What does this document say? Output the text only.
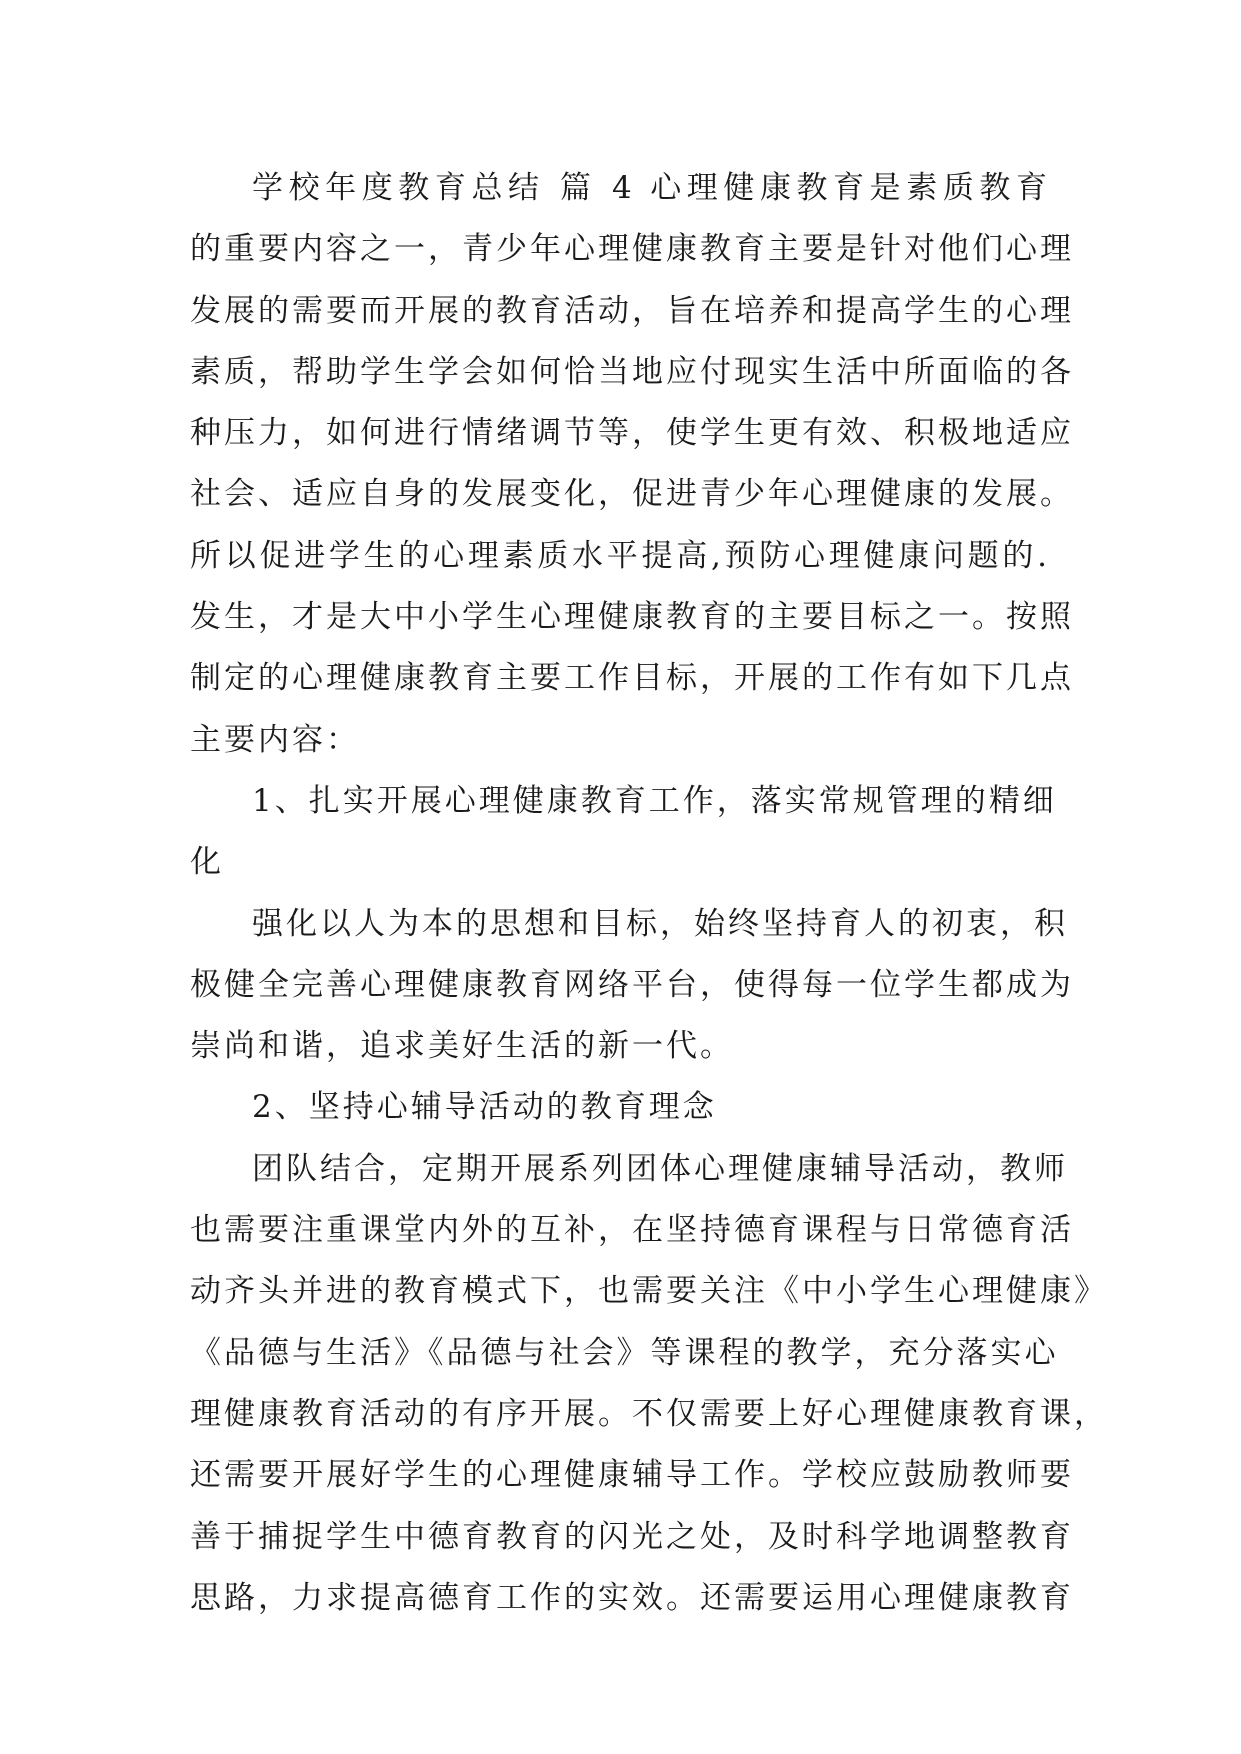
学校年度教育总结 篇 4 心理健康教育是素质教育
的重要内容之一，青少年心理健康教育主要是针对他们心理
发展的需要而开展的教育活动，旨在培养和提高学生的心理
素质，帮助学生学会如何恰当地应付现实生活中所面临的各
种压力，如何进行情绪调节等，使学生更有效、积极地适应
社会、适应自身的发展变化，促进青少年心理健康的发展。
所以促进学生的心理素质水平提高,预防心理健康问题的.
发生，才是大中小学生心理健康教育的主要目标之一。按照
制定的心理健康教育主要工作目标，开展的工作有如下几点
主要内容：
1、扎实开展心理健康教育工作，落实常规管理的精细
化
强化以人为本的思想和目标，始终坚持育人的初衷，积
极健全完善心理健康教育网络平台，使得每一位学生都成为
崇尚和谐，追求美好生活的新一代。
2、坚持心辅导活动的教育理念
团队结合，定期开展系列团体心理健康辅导活动，教师
也需要注重课堂内外的互补，在坚持德育课程与日常德育活
动齐头并进的教育模式下，也需要关注《中小学生心理健康》
《品德与生活》《品德与社会》等课程的教学，充分落实心
理健康教育活动的有序开展。不仅需要上好心理健康教育课，
还需要开展好学生的心理健康辅导工作。学校应鼓励教师要
善于捕捉学生中德育教育的闪光之处，及时科学地调整教育
思路，力求提高德育工作的实效。还需要运用心理健康教育
